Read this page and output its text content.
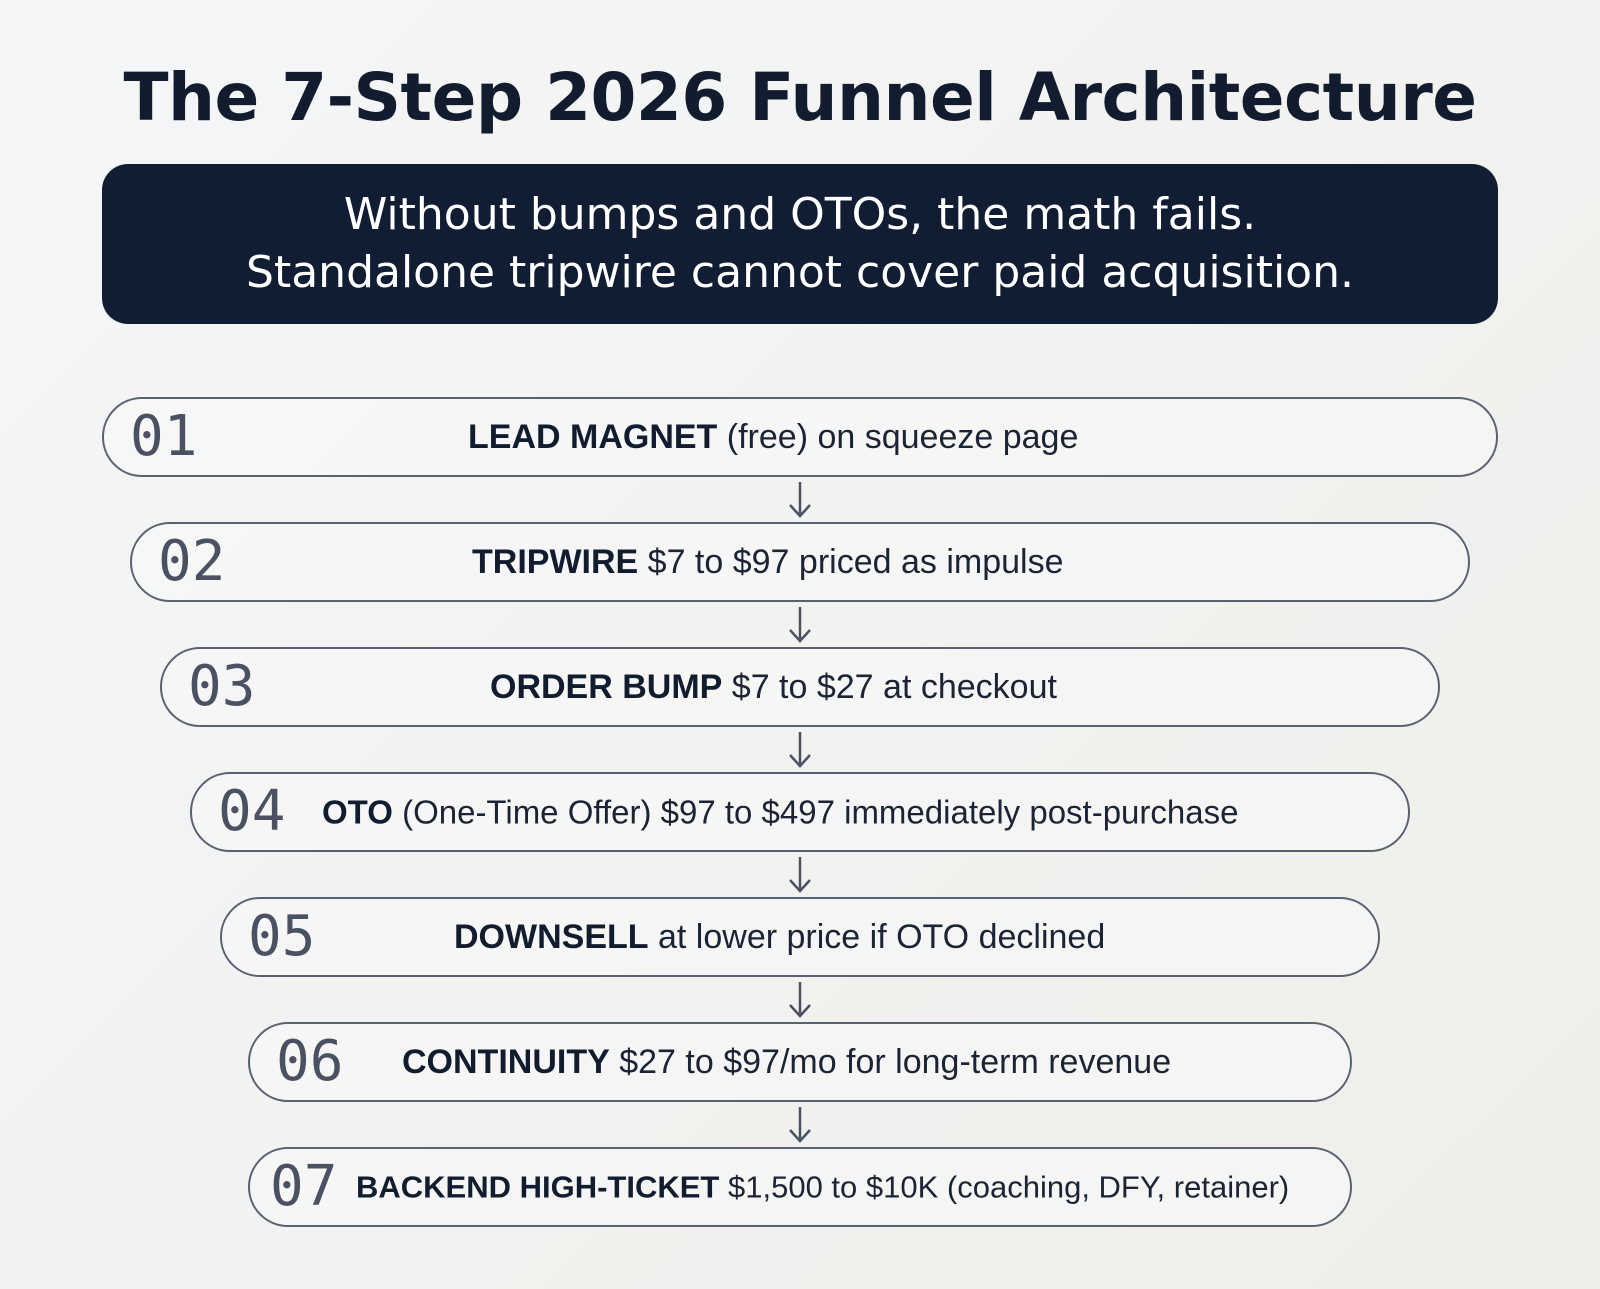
The 7-Step 2026 Funnel Architecture
Without bumps and OTOs, the math fails.
Standalone tripwire cannot cover paid acquisition.
01	LEAD MAGNET (free) on squeeze page
02	TRIPWIRE $7 to $97 priced as impulse
03	ORDER BUMP $7 to $27 at checkout
04 OTO (One-Time Offer) $97 to $497 immediately post-purchase
05	DOWNSELL at lower price if OTO declined
06 CONTINUITY $27 to $97/mo for long-term revenue
07 BACKEND HIGH-TICKET $1,500 to $10K (coaching, DFY, retainer)
